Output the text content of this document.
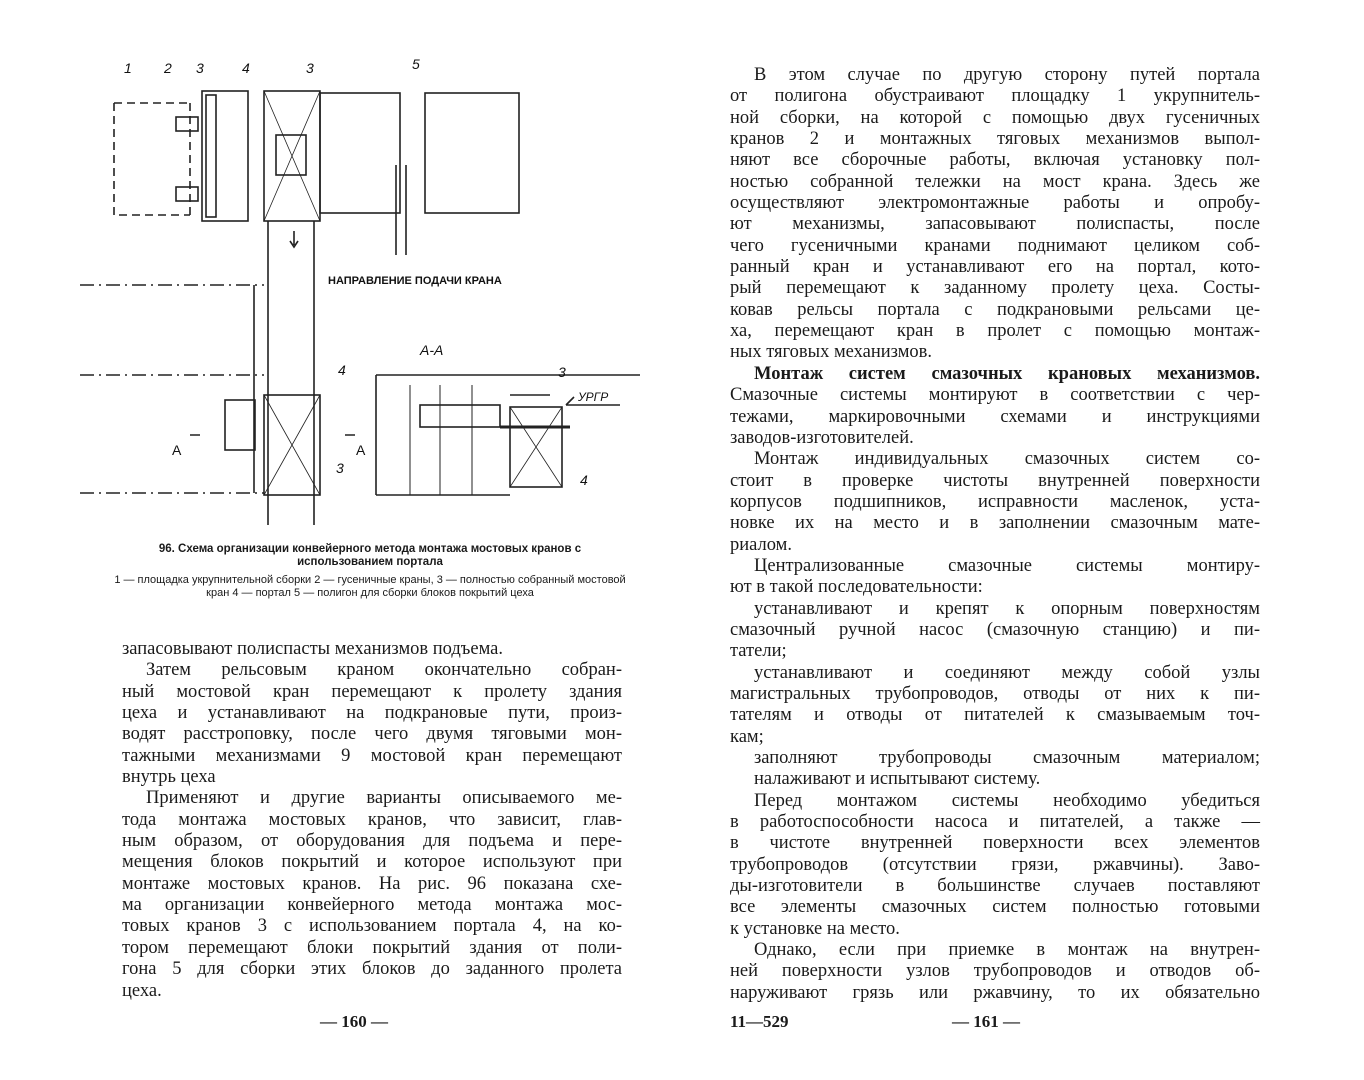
1 2 3	4	3	5
А-А
4	3
УРГР
А	А
3
4
НАПРАВЛЕНИЕ ПОДАЧИ КРАНА
96. Схема организации конвейерного метода монтажа мостовых кранов с использованием портала
1 — площадка укрупнительной сборки 2 — гусеничные краны, 3 — полностью собранный мостовой кран 4 — портал 5 — полигон для сборки блоков покрытий цеха
запасовывают полиспасты механизмов подъема.
Затем рельсовым краном окончательно собран-
ный мостовой кран перемещают к пролету здания
цеха и устанавливают на подкрановые пути, произ-
водят расстроповку, после чего двумя тяговыми мон-
тажными механизмами 9 мостовой кран перемещают
внутрь цеха
Применяют и другие варианты описываемого ме-
тода монтажа мостовых кранов, что зависит, глав-
ным образом, от оборудования для подъема и пере-
мещения блоков покрытий и которое используют при
монтаже мостовых кранов. На рис. 96 показана схе-
ма организации конвейерного метода монтажа мос-
товых кранов 3 с использованием портала 4, на ко-
тором перемещают блоки покрытий здания от поли-
гона 5 для сборки этих блоков до заданного пролета
цеха.
В этом случае по другую сторону путей портала
от полигона обустраивают площадку 1 укрупнитель-
ной сборки, на которой с помощью двух гусеничных
кранов 2 и монтажных тяговых механизмов выпол-
няют все сборочные работы, включая установку пол-
ностью собранной тележки на мост крана. Здесь же
осуществляют электромонтажные работы и опробу-
ют механизмы, запасовывают полиспасты, после
чего гусеничными кранами поднимают целиком соб-
ранный кран и устанавливают его на портал, кото-
рый перемещают к заданному пролету цеха. Состы-
ковав рельсы портала с подкрановыми рельсами це-
ха, перемещают кран в пролет с помощью монтаж-
ных тяговых механизмов.
Монтаж систем смазочных крановых механизмов.
Смазочные системы монтируют в соответствии с чер-
тежами, маркировочными схемами и инструкциями
заводов-изготовителей.
Монтаж индивидуальных смазочных систем со-
стоит в проверке чистоты внутренней поверхности
корпусов подшипников, исправности масленок, уста-
новке их на место и в заполнении смазочным мате-
риалом.
Централизованные смазочные системы монтиру-
ют в такой последовательности:
устанавливают и крепят к опорным поверхностям
смазочный ручной насос (смазочную станцию) и пи-
татели;
устанавливают и соединяют между собой узлы
магистральных трубопроводов, отводы от них к пи-
тателям и отводы от питателей к смазываемым точ-
кам;
заполняют трубопроводы смазочным материалом;
налаживают и испытывают систему.
Перед монтажом системы необходимо убедиться
в работоспособности насоса и питателей, а также —
в чистоте внутренней поверхности всех элементов
трубопроводов (отсутствии грязи, ржавчины). Заво-
ды-изготовители в большинстве случаев поставляют
все элементы смазочных систем полностью готовыми
к установке на место.
Однако, если при приемке в монтаж на внутрен-
ней поверхности узлов трубопроводов и отводов об-
наруживают грязь или ржавчину, то их обязательно
— 160 —	11—529	— 161 —
